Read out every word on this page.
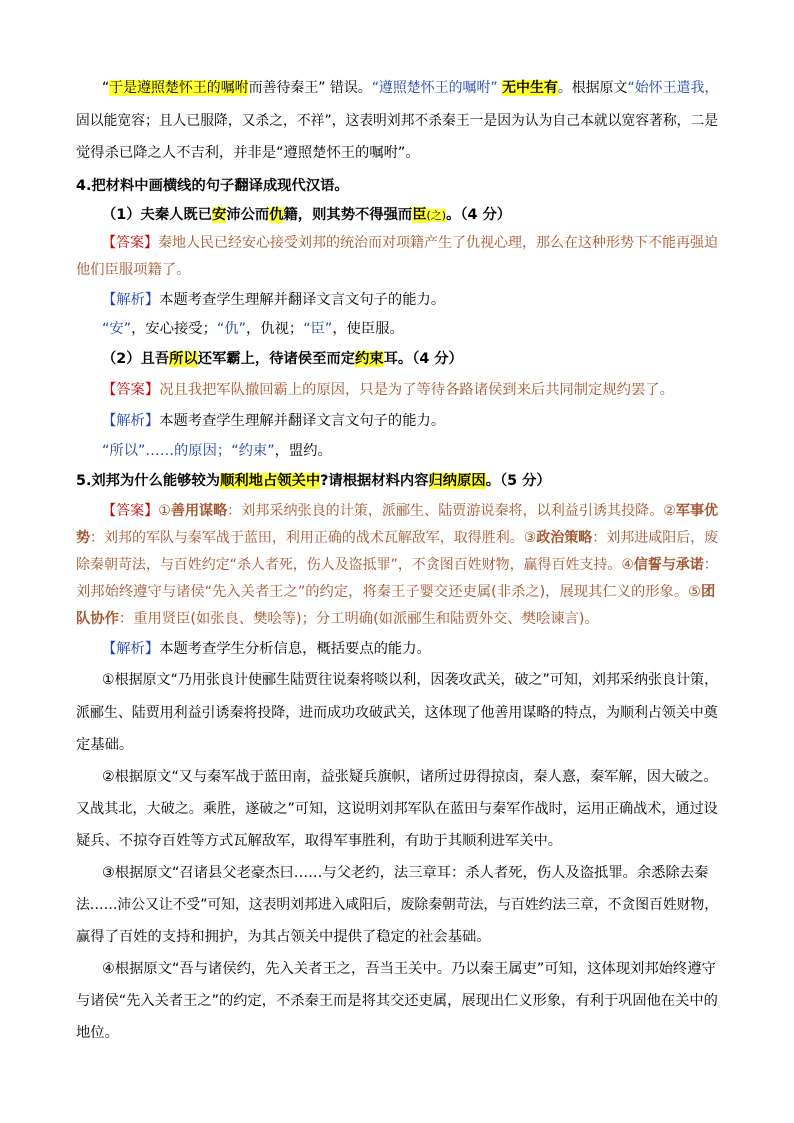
“于是遵照楚怀王的嘱咐而善待秦王” 错误。“遵照楚怀王的嘱咐” 无中生有。根据原文“始怀王遣我，
固以能宽容；且人已服降，又杀之，不祥”，这表明刘邦不杀秦王一是因为认为自己本就以宽容著称，二是
觉得杀已降之人不吉利，并非是“遵照楚怀王的嘱咐”。
4.把材料中画横线的句子翻译成现代汉语。
（1）夫秦人既已安沛公而仇籍，则其势不得强而臣(之)。（4 分）
【答案】秦地人民已经安心接受刘邦的统治而对项籍产生了仇视心理，那么在这种形势下不能再强迫
他们臣服项籍了。
【解析】本题考查学生理解并翻译文言文句子的能力。
“安”，安心接受；“仇”，仇视；“臣”，使臣服。
（2）且吾所以还军霸上，待诸侯至而定约束耳。（4 分）
【答案】况且我把军队撤回霸上的原因，只是为了等待各路诸侯到来后共同制定规约罢了。
【解析】本题考查学生理解并翻译文言文句子的能力。
“所以”……的原因；“约束”，盟约。
5.刘邦为什么能够较为顺利地占领关中?请根据材料内容归纳原因。（5 分）
【答案】①善用谋略：刘邦采纳张良的计策，派郦生、陆贾游说秦将，以利益引诱其投降。②军事优
势：刘邦的军队与秦军战于蓝田，利用正确的战术瓦解敌军，取得胜利。③政治策略：刘邦进咸阳后，废
除秦朝苛法，与百姓约定“杀人者死，伤人及盗抵罪”，不贪图百姓财物，赢得百姓支持。④信誓与承诺：
刘邦始终遵守与诸侯“先入关者王之”的约定，将秦王子婴交还吏属(非杀之)，展现其仁义的形象。⑤团
队协作：重用贤臣(如张良、樊哙等)；分工明确(如派郦生和陆贾外交、樊哙谏言)。
【解析】本题考查学生分析信息，概括要点的能力。
①根据原文“乃用张良计使郦生陆贾往说秦将啖以利，因袭攻武关，破之”可知，刘邦采纳张良计策，
派郦生、陆贾用利益引诱秦将投降，进而成功攻破武关，这体现了他善用谋略的特点，为顺利占领关中奠
定基础。
②根据原文“又与秦军战于蓝田南，益张疑兵旗帜，诸所过毋得掠卤，秦人憙，秦军解，因大破之。
又战其北，大破之。乘胜，遂破之”可知，这说明刘邦军队在蓝田与秦军作战时，运用正确战术，通过设
疑兵、不掠夺百姓等方式瓦解敌军，取得军事胜利，有助于其顺利进军关中。
③根据原文“召诸县父老豪杰曰……与父老约，法三章耳：杀人者死，伤人及盗抵罪。余悉除去秦
法……沛公又让不受”可知，这表明刘邦进入咸阳后，废除秦朝苛法，与百姓约法三章，不贪图百姓财物，
赢得了百姓的支持和拥护，为其占领关中提供了稳定的社会基础。
④根据原文“吾与诸侯约，先入关者王之，吾当王关中。乃以秦王属吏”可知，这体现刘邦始终遵守
与诸侯“先入关者王之”的约定，不杀秦王而是将其交还吏属，展现出仁义形象，有利于巩固他在关中的
地位。
